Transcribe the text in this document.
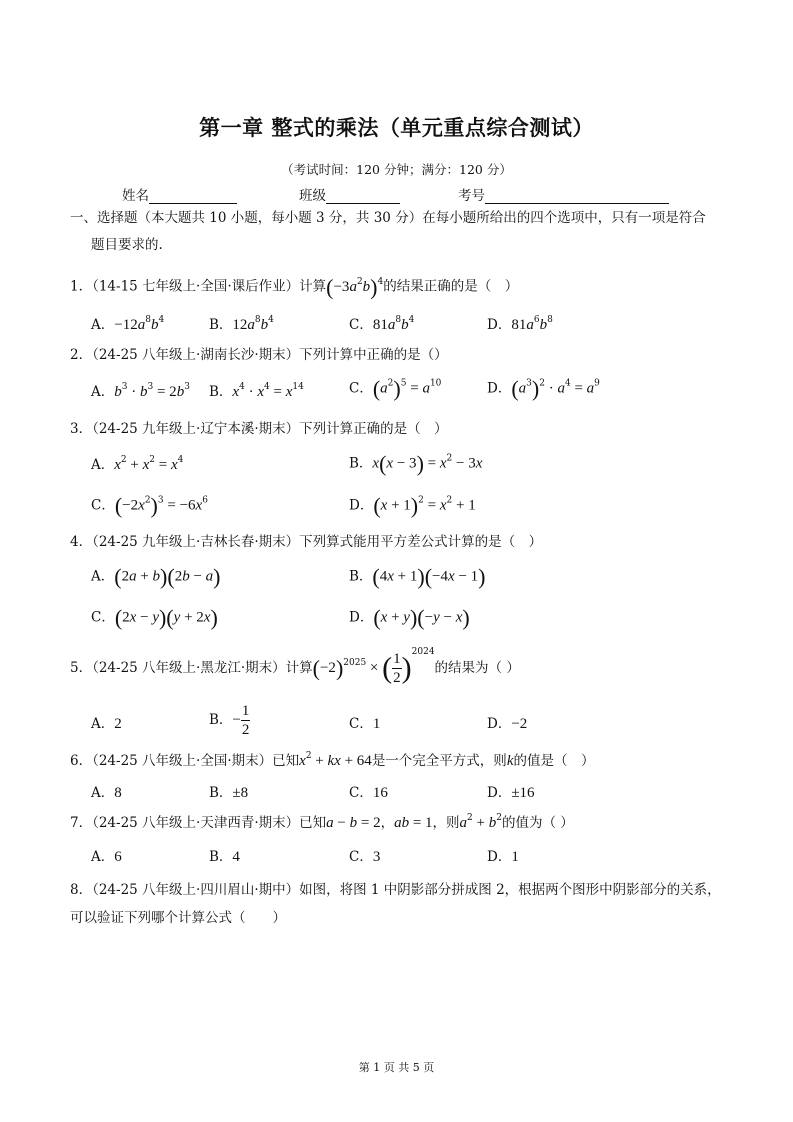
第一章 整式的乘法（单元重点综合测试）
（考试时间：120 分钟；满分：120 分）
姓名	班级	考号
一、选择题（本大题共 10 小题，每小题 3 分，共 30 分）在每小题所给出的四个选项中，只有一项是符合
题目要求的.
1．（14-15 七年级上·全国·课后作业）计算$(-3a^2b)^4$的结果正确的是（　）
A．$-12a^8b^4$	B．$12a^8b^4$	C．$81a^8b^4$	D．$81a^6b^8$
2．（24-25 八年级上·湖南长沙·期末）下列计算中正确的是（）
A．$b^3 \cdot b^3 = 2b^3$ B．$x^4 \cdot x^4 = x^{14}$	C．$(a^2)^5 = a^{10}$	D．$(a^3)^2 \cdot a^4 = a^9$
3．（24-25 九年级上·辽宁本溪·期末）下列计算正确的是（　）
A．$x^2 + x^2 = x^4$	B．$x(x - 3) = x^2 - 3x$
C．$(-2x^2)^3 = -6x^6$	D．$(x + 1)^2 = x^2 + 1$
4．（24-25 九年级上·吉林长春·期末）下列算式能用平方差公式计算的是（　）
A．(2a + b)(2b − a)	B．(4x + 1)(−4x − 1)
C．(2x − y)(y + 2x)	D．(x + y)(−y − x)
5．（24-25 八年级上·黑龙江·期末）计算$(-2)^{2025}$ × ( $\frac{1}{2} )^{2024}$的结果为（ ）
A．2	B．− $\frac{1}{2}$	C．1	D．−2
6．（24-25 八年级上·全国·期末）已知$x^2$ + kx + 64是一个完全平方式，则k的值是（　）
A．8	B．±8	C．16	D．±16
7．（24-25 八年级上·天津西青·期末）已知a − b = 2，ab = 1，则$a^2 + b^2$的值为（ ）
A．6	B．4	C．3	D．1
8．（24-25 八年级上·四川眉山·期中）如图，将图 1 中阴影部分拼成图 2，根据两个图形中阴影部分的关系，
可以验证下列哪个计算公式（　　）
第 1 页 共 5 页
